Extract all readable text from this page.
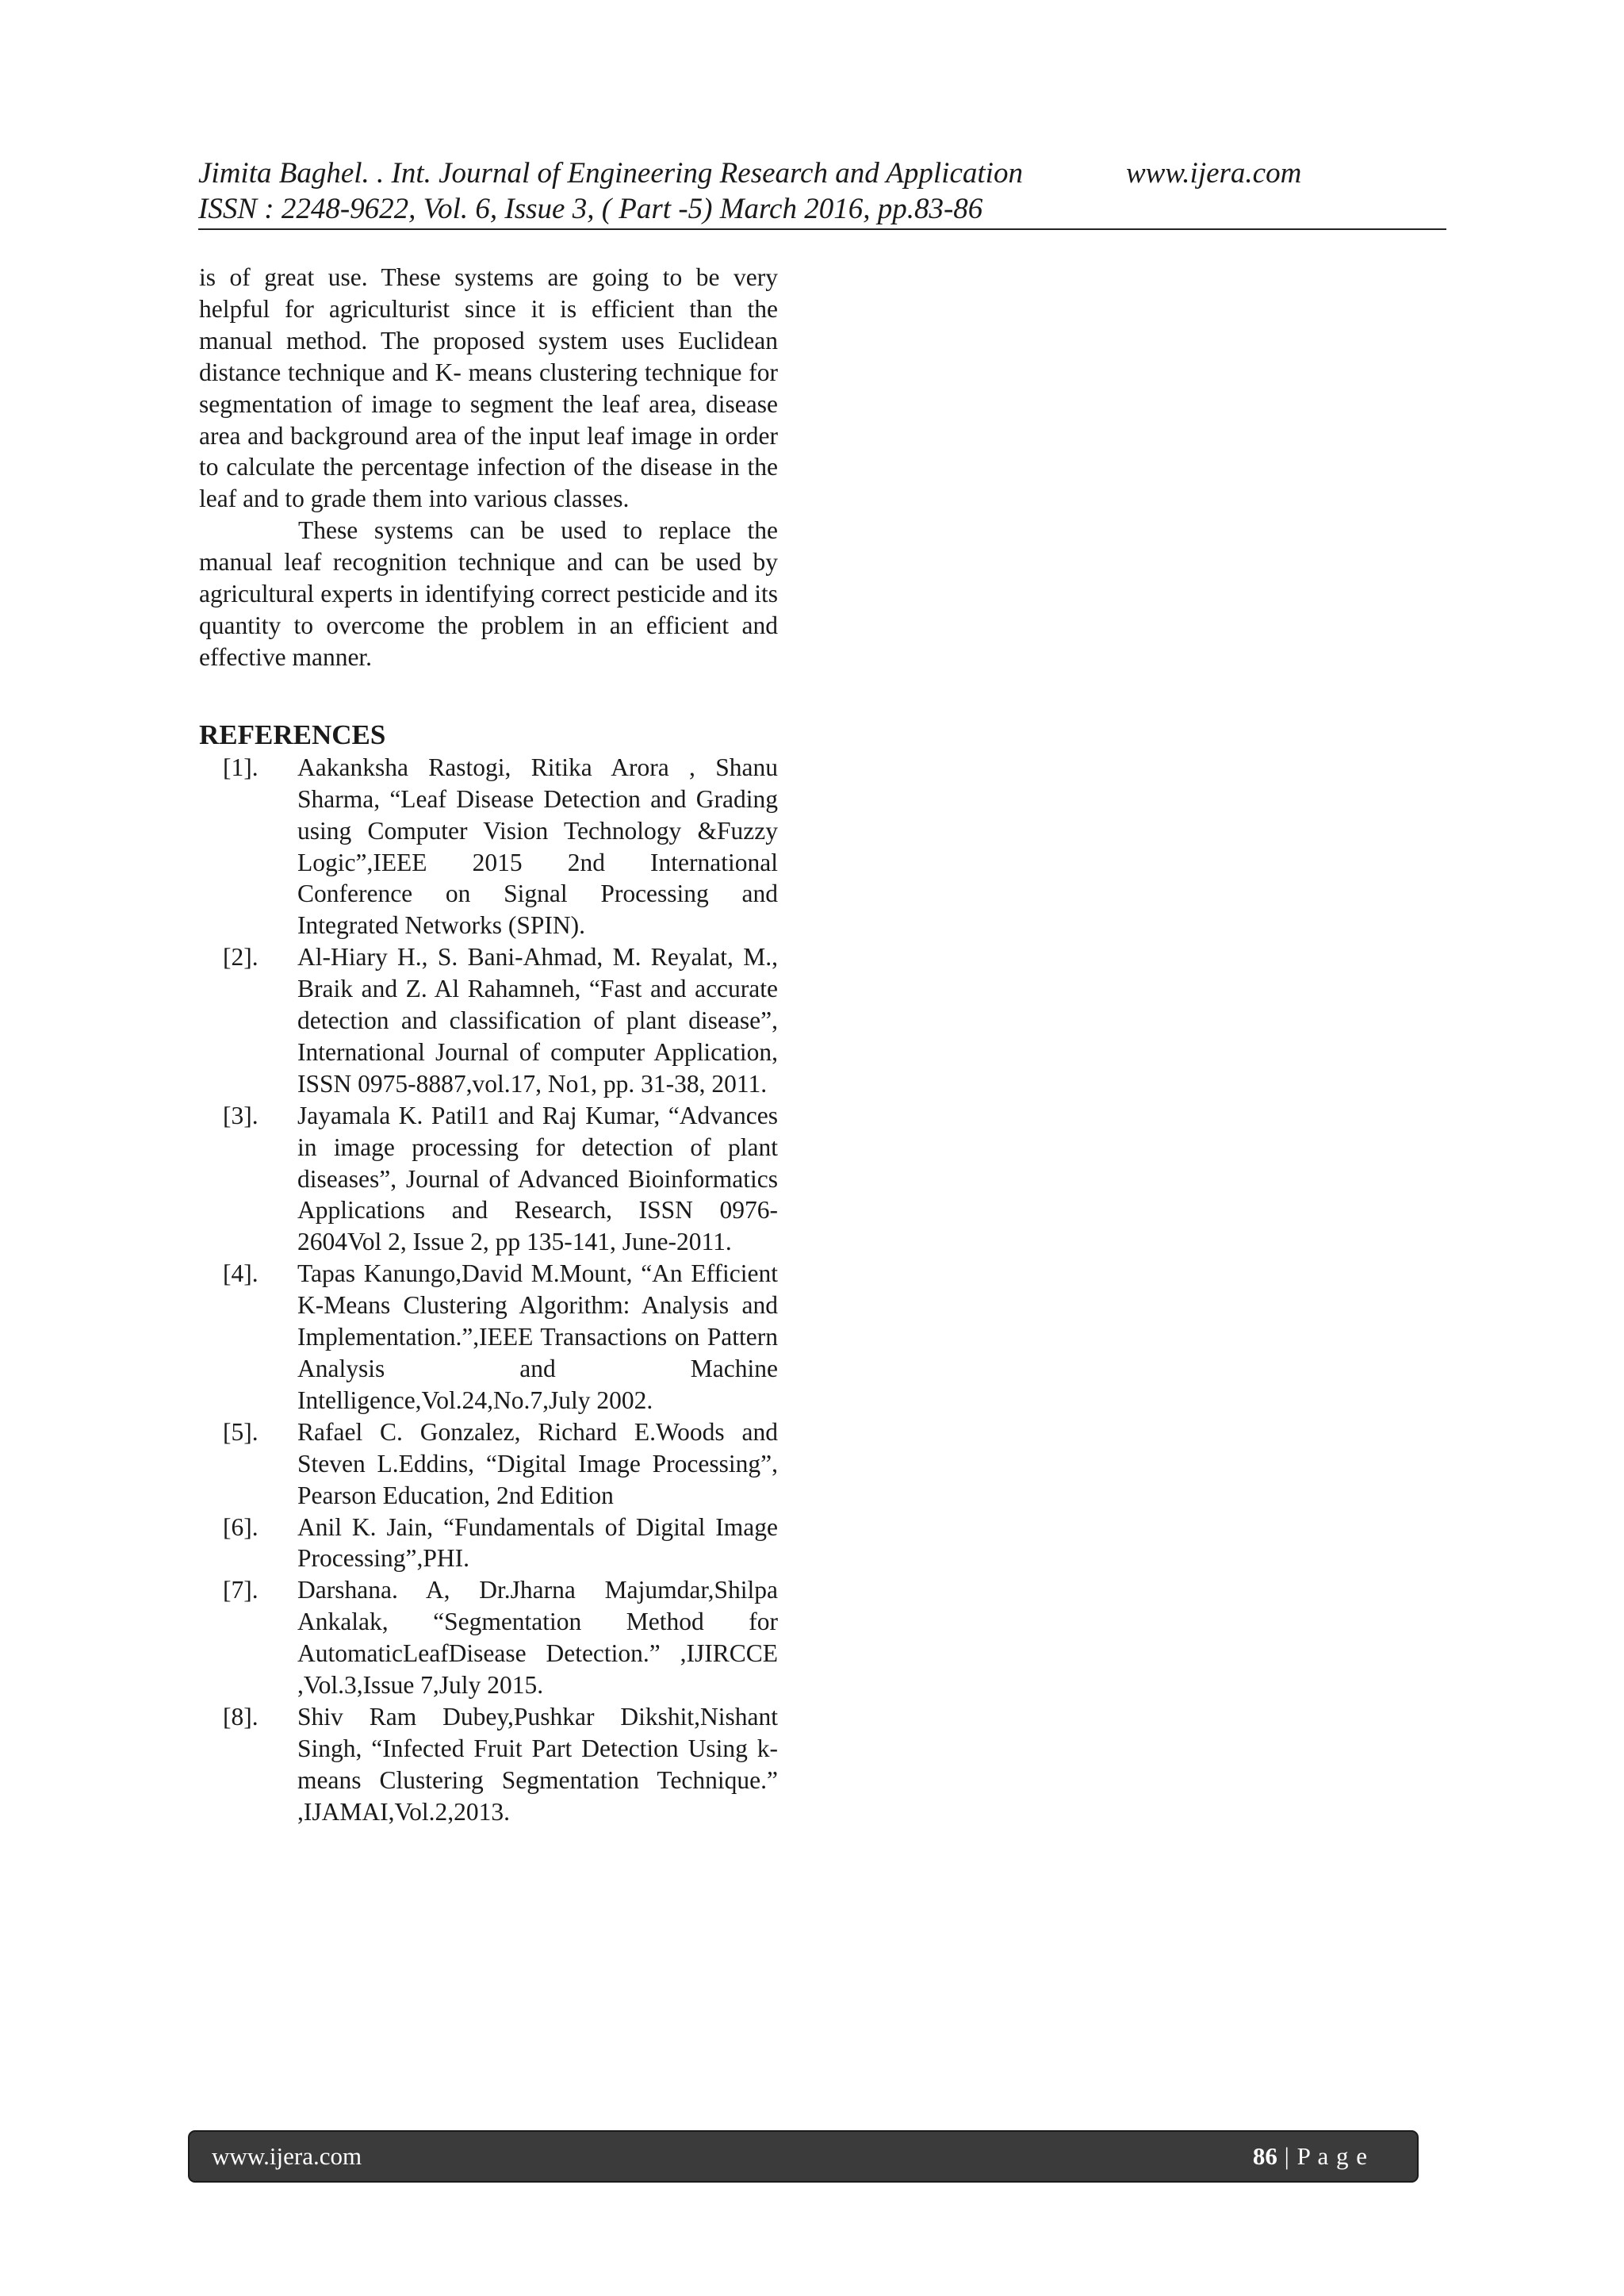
Jimita Baghel. . Int. Journal of Engineering Research and Application	www.ijera.com
ISSN : 2248-9622, Vol. 6, Issue 3, ( Part -5) March 2016, pp.83-86

is of great use. These systems are going to be very helpful for agriculturist since it is efficient than the manual method. The proposed system uses Euclidean distance technique and K- means clustering technique for segmentation of image to segment the leaf area, disease area and background area of the input leaf image in order to calculate the percentage infection of the disease in the leaf and to grade them into various classes.

These systems can be used to replace the manual leaf recognition technique and can be used by agricultural experts in identifying correct pesticide and its quantity to overcome the problem in an efficient and effective manner.

REFERENCES
[1].	Aakanksha Rastogi, Ritika Arora , Shanu Sharma, “Leaf Disease Detection and Grading using Computer Vision Technology &Fuzzy Logic”,IEEE 2015 2nd International Conference on Signal Processing and Integrated Networks (SPIN).
[2].	Al-Hiary H., S. Bani-Ahmad, M. Reyalat, M., Braik and Z. Al Rahamneh, “Fast and accurate detection and classification of plant disease”, International Journal of computer Application, ISSN 0975-8887,vol.17, No1, pp. 31-38, 2011.
[3].	Jayamala K. Patil1 and Raj Kumar, “Advances in image processing for detection of plant diseases”, Journal of Advanced Bioinformatics Applications and Research, ISSN 0976-2604Vol 2, Issue 2, pp 135-141, June-2011.
[4].	Tapas Kanungo,David M.Mount, “An Efficient K-Means Clustering Algorithm: Analysis and Implementation.”,IEEE Transactions on Pattern Analysis and Machine Intelligence,Vol.24,No.7,July 2002.
[5].	Rafael C. Gonzalez, Richard E.Woods and Steven L.Eddins, “Digital Image Processing”, Pearson Education, 2nd Edition
[6].	Anil K. Jain, “Fundamentals of Digital Image Processing”,PHI.
[7].	Darshana. A, Dr.Jharna Majumdar,Shilpa Ankalak, “Segmentation Method for AutomaticLeafDisease Detection.” ,IJIRCCE ,Vol.3,Issue 7,July 2015.
[8].	Shiv Ram Dubey,Pushkar Dikshit,Nishant Singh, “Infected Fruit Part Detection Using k-means Clustering Segmentation Technique.” ,IJAMAI,Vol.2,2013.
www.ijera.com	86 | P a g e
